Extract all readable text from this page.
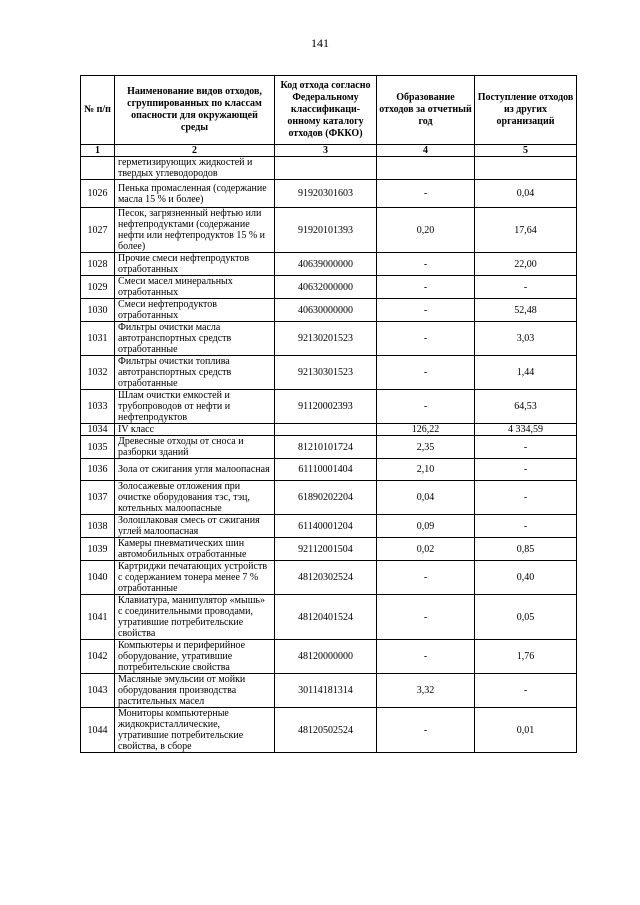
141
№ п/п	Наименование видов отходов, сгруппированных по классам опасности для окружающей среды	Код отхода согласно Федеральному классификаци-онному каталогу отходов (ФККО)	Образование отходов за отчетный год	Поступление отходов из других организаций
1	2	3	4	5
	герметизирующих жидкостей и твердых углеводородов			
1026	Пенька промасленная (содержание масла 15 % и более)	91920301603	-	0,04
1027	Песок, загрязненный нефтью или нефтепродуктами (содержание нефти или нефтепродуктов 15 % и более)	91920101393	0,20	17,64
1028	Прочие смеси нефтепродуктов отработанных	40639000000	-	22,00
1029	Смеси масел минеральных отработанных	40632000000	-	-
1030	Смеси нефтепродуктов отработанных	40630000000	-	52,48
1031	Фильтры очистки масла автотранспортных средств отработанные	92130201523	-	3,03
1032	Фильтры очистки топлива автотранспортных средств отработанные	92130301523	-	1,44
1033	Шлам очистки емкостей и трубопроводов от нефти и нефтепродуктов	91120002393	-	64,53
1034	IV класс		126,22	4 334,59
1035	Древесные отходы от сноса и разборки зданий	81210101724	2,35	-
1036	Зола от сжигания угля малоопасная	61110001404	2,10	-
1037	Золосажевые отложения при очистке оборудования тэс, тэц, котельных малоопасные	61890202204	0,04	-
1038	Золошлаковая смесь от сжигания углей малоопасная	61140001204	0,09	-
1039	Камеры пневматических шин автомобильных отработанные	92112001504	0,02	0,85
1040	Картриджи печатающих устройств с содержанием тонера менее 7 % отработанные	48120302524	-	0,40
1041	Клавиатура, манипулятор «мышь» с соединительными проводами, утратившие потребительские свойства	48120401524	-	0,05
1042	Компьютеры и периферийное оборудование, утратившие потребительские свойства	48120000000	-	1,76
1043	Масляные эмульсии от мойки оборудования производства растительных масел	30114181314	3,32	-
1044	Мониторы компьютерные жидкокристаллические, утратившие потребительские свойства, в сборе	48120502524	-	0,01
